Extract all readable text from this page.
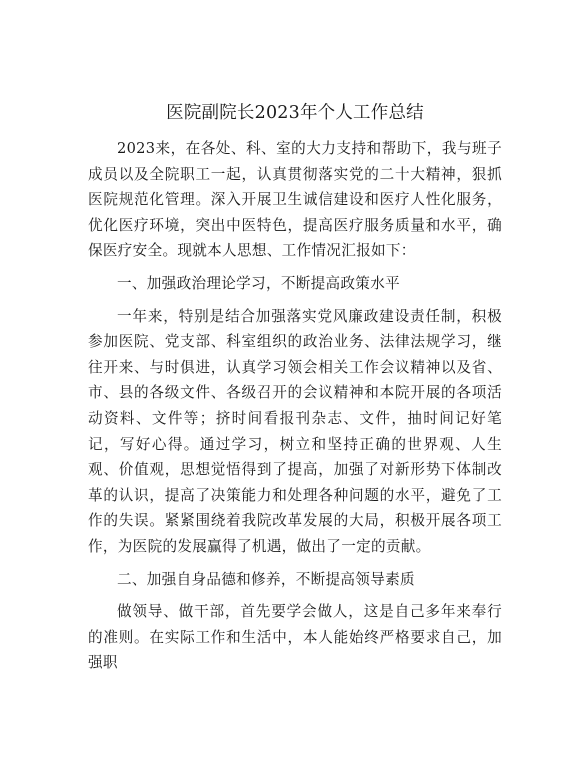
医院副院长2023年个人工作总结

2023来，在各处、科、室的大力支持和帮助下，我与班子成员以及全院职工一起，认真贯彻落实党的二十大精神，狠抓医院规范化管理。深入开展卫生诚信建设和医疗人性化服务，优化医疗环境，突出中医特色，提高医疗服务质量和水平，确保医疗安全。现就本人思想、工作情况汇报如下：

一、加强政治理论学习，不断提高政策水平

一年来，特别是结合加强落实党风廉政建设责任制，积极参加医院、党支部、科室组织的政治业务、法律法规学习，继往开来、与时俱进，认真学习领会相关工作会议精神以及省、市、县的各级文件、各级召开的会议精神和本院开展的各项活动资料、文件等；挤时间看报刊杂志、文件，抽时间记好笔记，写好心得。通过学习，树立和坚持正确的世界观、人生观、价值观，思想觉悟得到了提高，加强了对新形势下体制改革的认识，提高了决策能力和处理各种问题的水平，避免了工作的失误。紧紧围绕着我院改革发展的大局，积极开展各项工作，为医院的发展赢得了机遇，做出了一定的贡献。

二、加强自身品德和修养，不断提高领导素质

做领导、做干部，首先要学会做人，这是自己多年来奉行的准则。在实际工作和生活中，本人能始终严格要求自己，加强职
